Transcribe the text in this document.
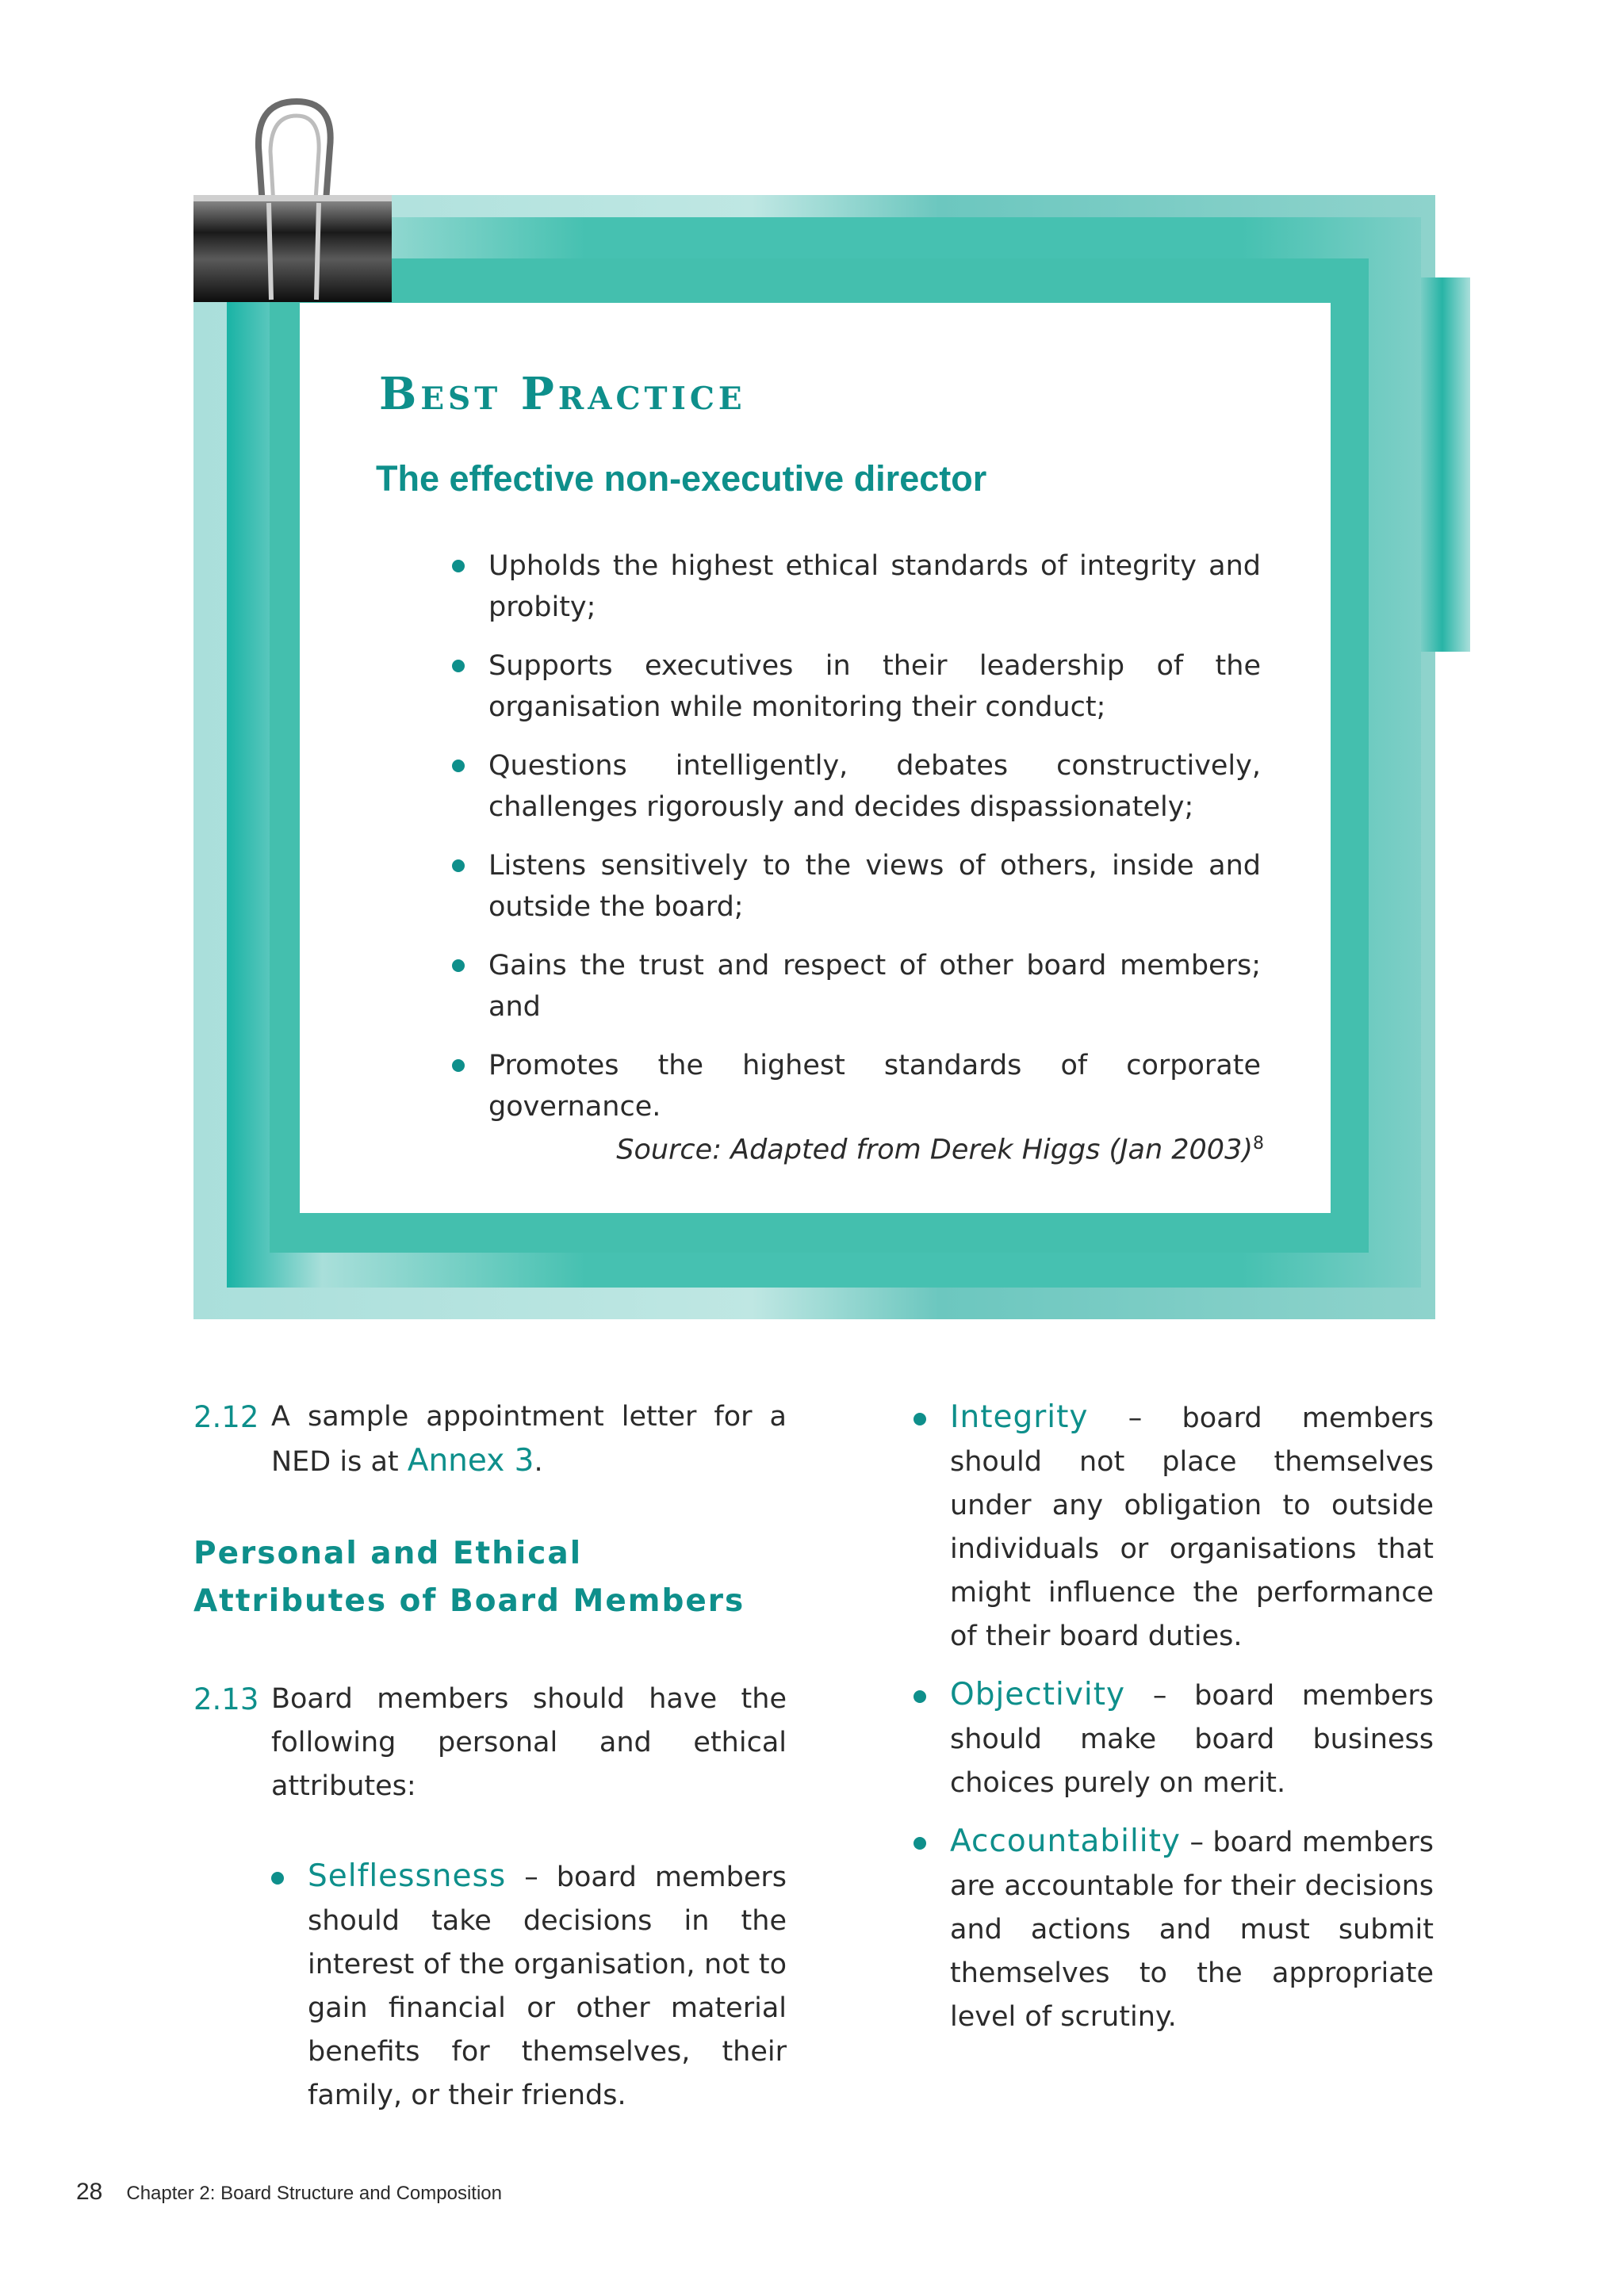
Best Practice
The effective non-executive director
Upholds the highest ethical standards of integrity and probity;
Supports executives in their leadership of the organisation while monitoring their conduct;
Questions intelligently, debates constructively, challenges rigorously and decides dispassionately;
Listens sensitively to the views of others, inside and outside the board;
Gains the trust and respect of other board members; and
Promotes the highest standards of corporate governance.

Source: Adapted from Derek Higgs (Jan 2003)$^8$

2.12 A sample appointment letter for a NED is at Annex 3.

Personal and Ethical Attributes of Board Members

2.13 Board members should have the following personal and ethical attributes:

Selflessness – board members should take decisions in the interest of the organisation, not to gain financial or other material benefits for themselves, their family, or their friends.
Integrity – board members should not place themselves under any obligation to outside individuals or organisations that might influence the performance of their board duties.
Objectivity – board members should make board business choices purely on merit.
Accountability – board members are accountable for their decisions and actions and must submit themselves to the appropriate level of scrutiny.
28 Chapter 2: Board Structure and Composition
